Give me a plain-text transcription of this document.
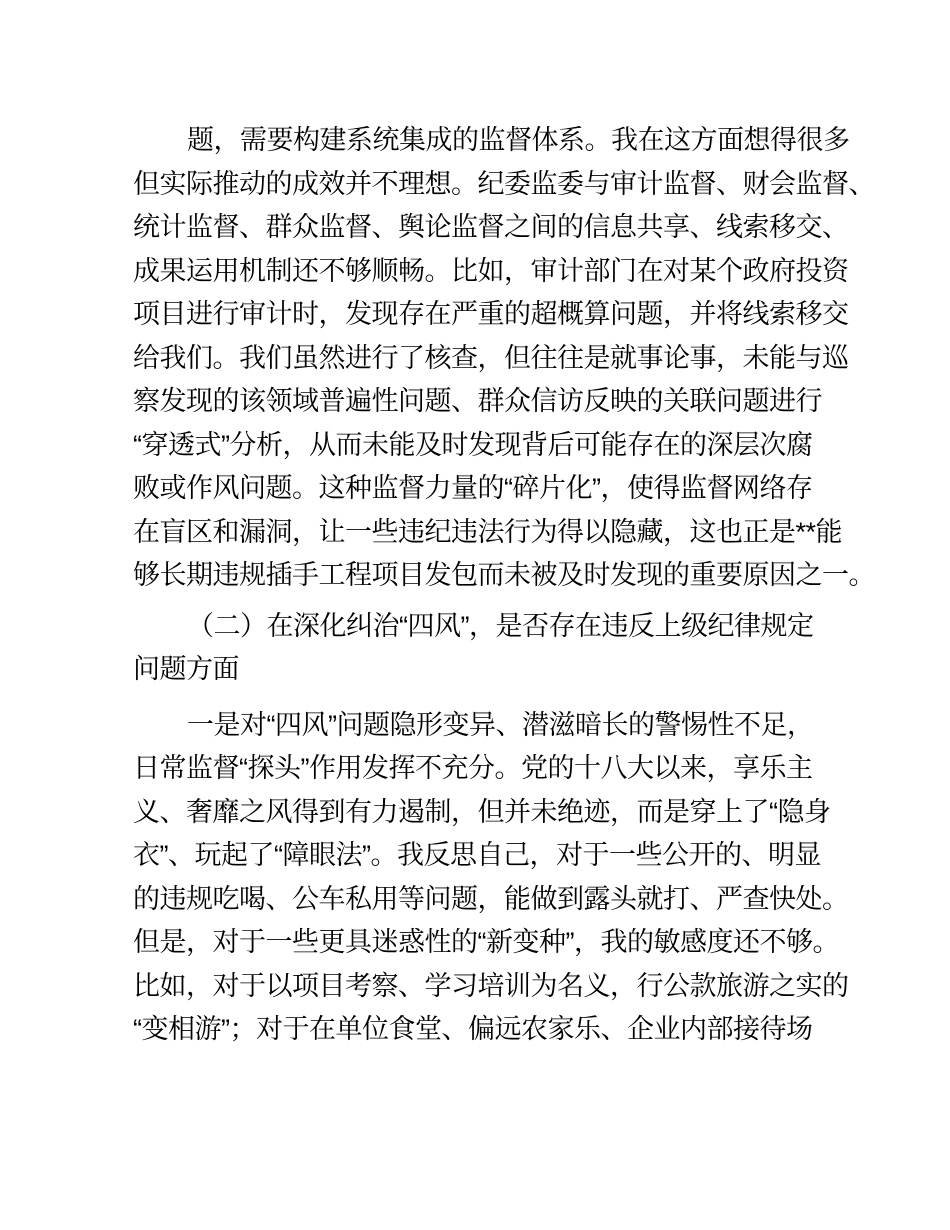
题，需要构建系统集成的监督体系。我在这方面想得很多
但实际推动的成效并不理想。纪委监委与审计监督、财会监督、
统计监督、群众监督、舆论监督之间的信息共享、线索移交、
成果运用机制还不够顺畅。比如，审计部门在对某个政府投资
项目进行审计时，发现存在严重的超概算问题，并将线索移交
给我们。我们虽然进行了核查，但往往是就事论事，未能与巡
察发现的该领域普遍性问题、群众信访反映的关联问题进行
“穿透式”分析，从而未能及时发现背后可能存在的深层次腐
败或作风问题。这种监督力量的“碎片化”，使得监督网络存
在盲区和漏洞，让一些违纪违法行为得以隐藏，这也正是**能
够长期违规插手工程项目发包而未被及时发现的重要原因之一。
（二）在深化纠治“四风”，是否存在违反上级纪律规定
问题方面
一是对“四风”问题隐形变异、潜滋暗长的警惕性不足，
日常监督“探头”作用发挥不充分。党的十八大以来，享乐主
义、奢靡之风得到有力遏制，但并未绝迹，而是穿上了“隐身
衣”、玩起了“障眼法”。我反思自己，对于一些公开的、明显
的违规吃喝、公车私用等问题，能做到露头就打、严查快处。
但是，对于一些更具迷惑性的“新变种”，我的敏感度还不够。
比如，对于以项目考察、学习培训为名义，行公款旅游之实的
“变相游”；对于在单位食堂、偏远农家乐、企业内部接待场
